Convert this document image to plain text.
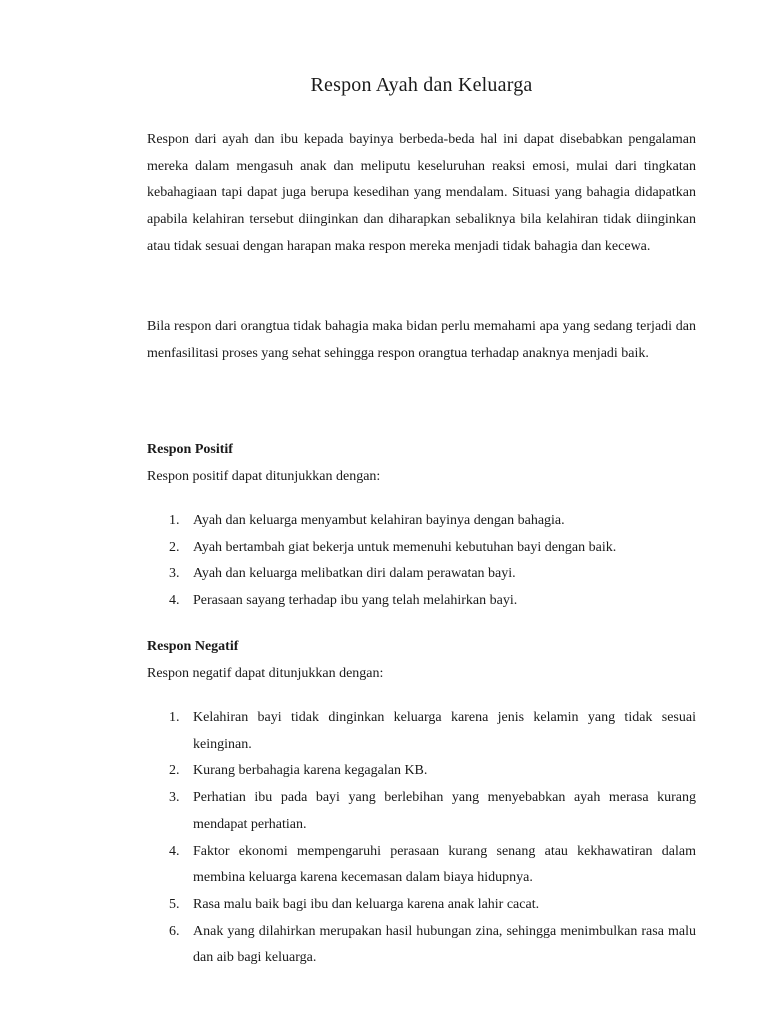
Respon Ayah dan Keluarga

Respon dari ayah dan ibu kepada bayinya berbeda-beda hal ini dapat disebabkan pengalaman mereka dalam mengasuh anak dan meliputu keseluruhan reaksi emosi, mulai dari tingkatan kebahagiaan tapi dapat juga berupa kesedihan yang mendalam. Situasi yang bahagia didapatkan apabila kelahiran tersebut diinginkan dan diharapkan sebaliknya bila kelahiran tidak diinginkan atau tidak sesuai dengan harapan maka respon mereka menjadi tidak bahagia dan kecewa.

Bila respon dari orangtua tidak bahagia maka bidan perlu memahami apa yang sedang terjadi dan menfasilitasi proses yang sehat sehingga respon orangtua terhadap anaknya menjadi baik.

Respon Positif

Respon positif dapat ditunjukkan dengan:

1. Ayah dan keluarga menyambut kelahiran bayinya dengan bahagia.
2. Ayah bertambah giat bekerja untuk memenuhi kebutuhan bayi dengan baik.
3. Ayah dan keluarga melibatkan diri dalam perawatan bayi.
4. Perasaan sayang terhadap ibu yang telah melahirkan bayi.
Respon Negatif

Respon negatif dapat ditunjukkan dengan:

1. Kelahiran bayi tidak dinginkan keluarga karena jenis kelamin yang tidak sesuai keinginan.
2. Kurang berbahagia karena kegagalan KB.
3. Perhatian ibu pada bayi yang berlebihan yang menyebabkan ayah merasa kurang mendapat perhatian.
4. Faktor ekonomi mempengaruhi perasaan kurang senang atau kekhawatiran dalam membina keluarga karena kecemasan dalam biaya hidupnya.
5. Rasa malu baik bagi ibu dan keluarga karena anak lahir cacat.
6. Anak yang dilahirkan merupakan hasil hubungan zina, sehingga menimbulkan rasa malu dan aib bagi keluarga.
